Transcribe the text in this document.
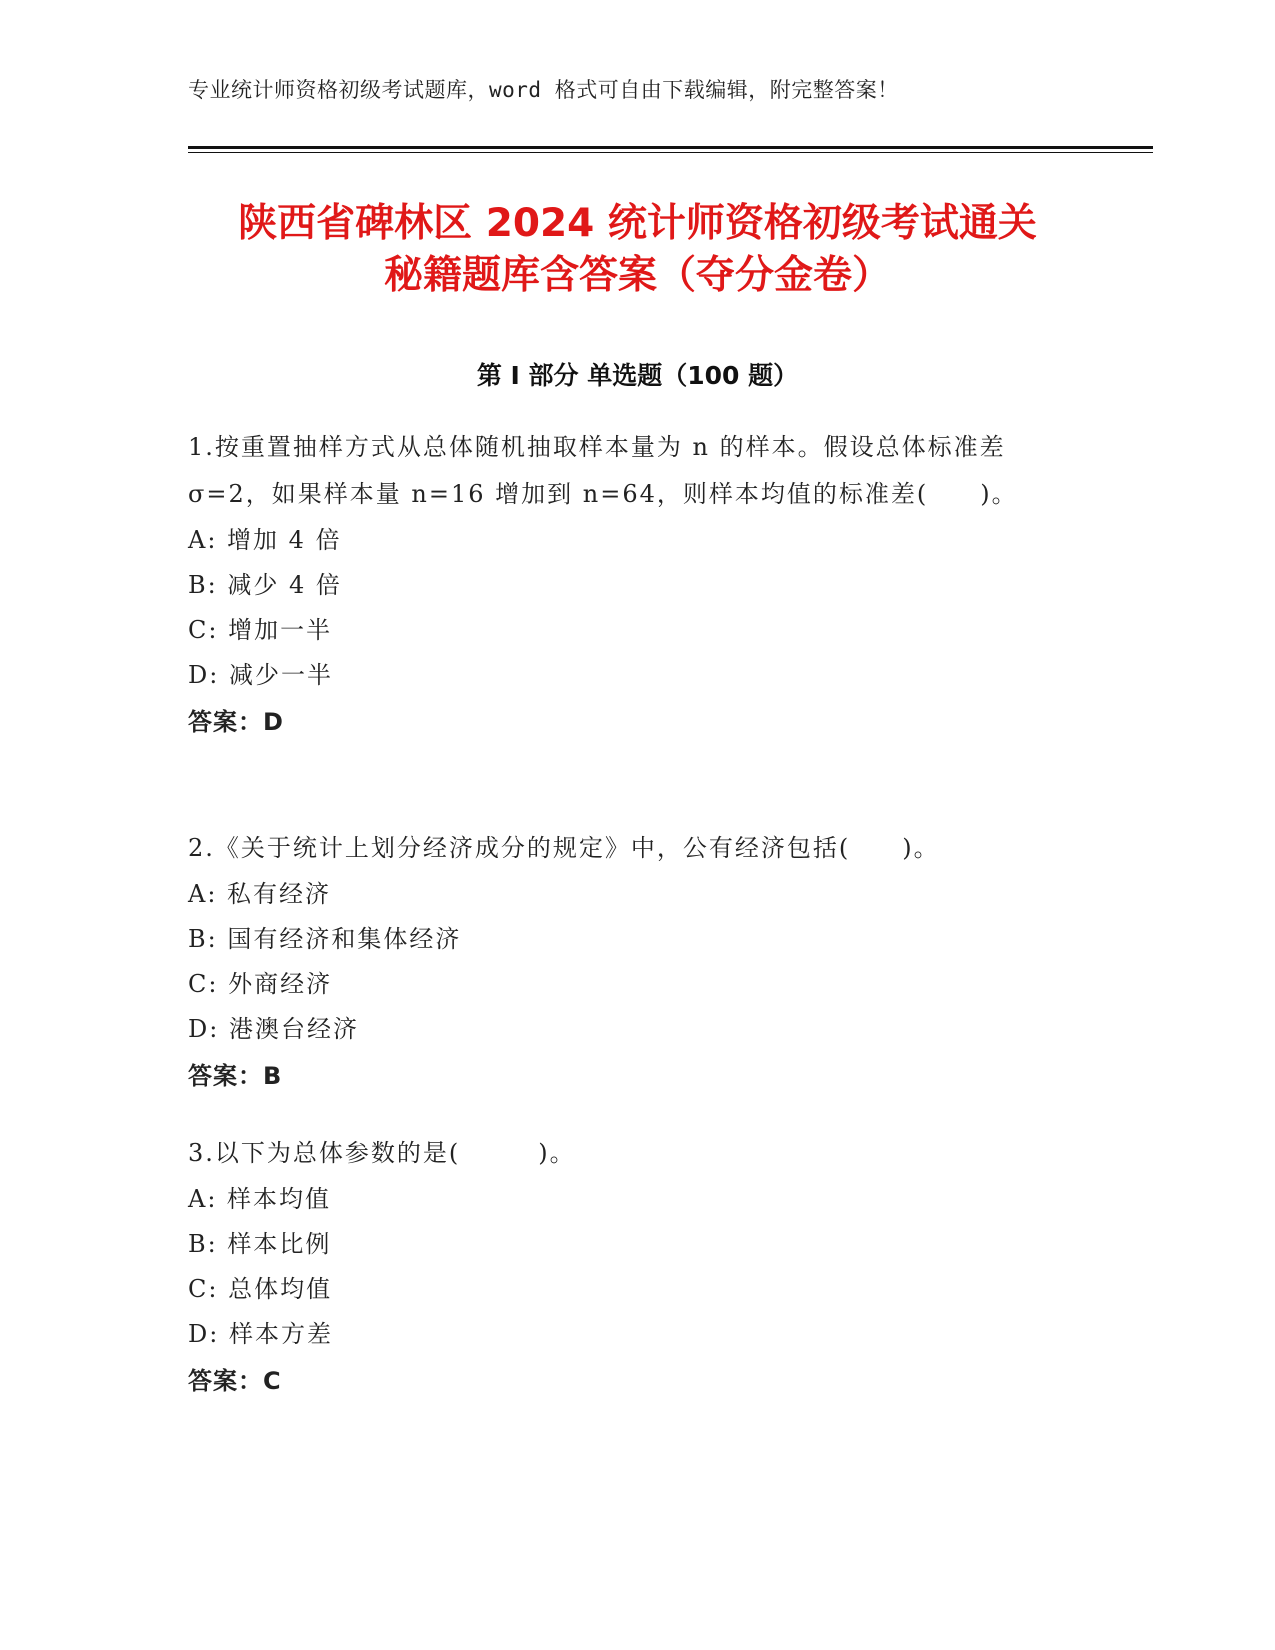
专业统计师资格初级考试题库，word 格式可自由下载编辑，附完整答案！
陕西省碑林区 2024 统计师资格初级考试通关
秘籍题库含答案（夺分金卷）
第 I 部分 单选题（100 题）
1.按重置抽样方式从总体随机抽取样本量为 n 的样本。假设总体标准差 σ=2，如果样本量 n=16 增加到 n=64，则样本均值的标准差(　　)。
A: 增加 4 倍
B: 减少 4 倍
C: 增加一半
D: 减少一半
答案：D
2.《关于统计上划分经济成分的规定》中，公有经济包括(　　)。
A: 私有经济
B: 国有经济和集体经济
C: 外商经济
D: 港澳台经济
答案：B
3.以下为总体参数的是(　　　)。
A: 样本均值
B: 样本比例
C: 总体均值
D: 样本方差
答案：C
